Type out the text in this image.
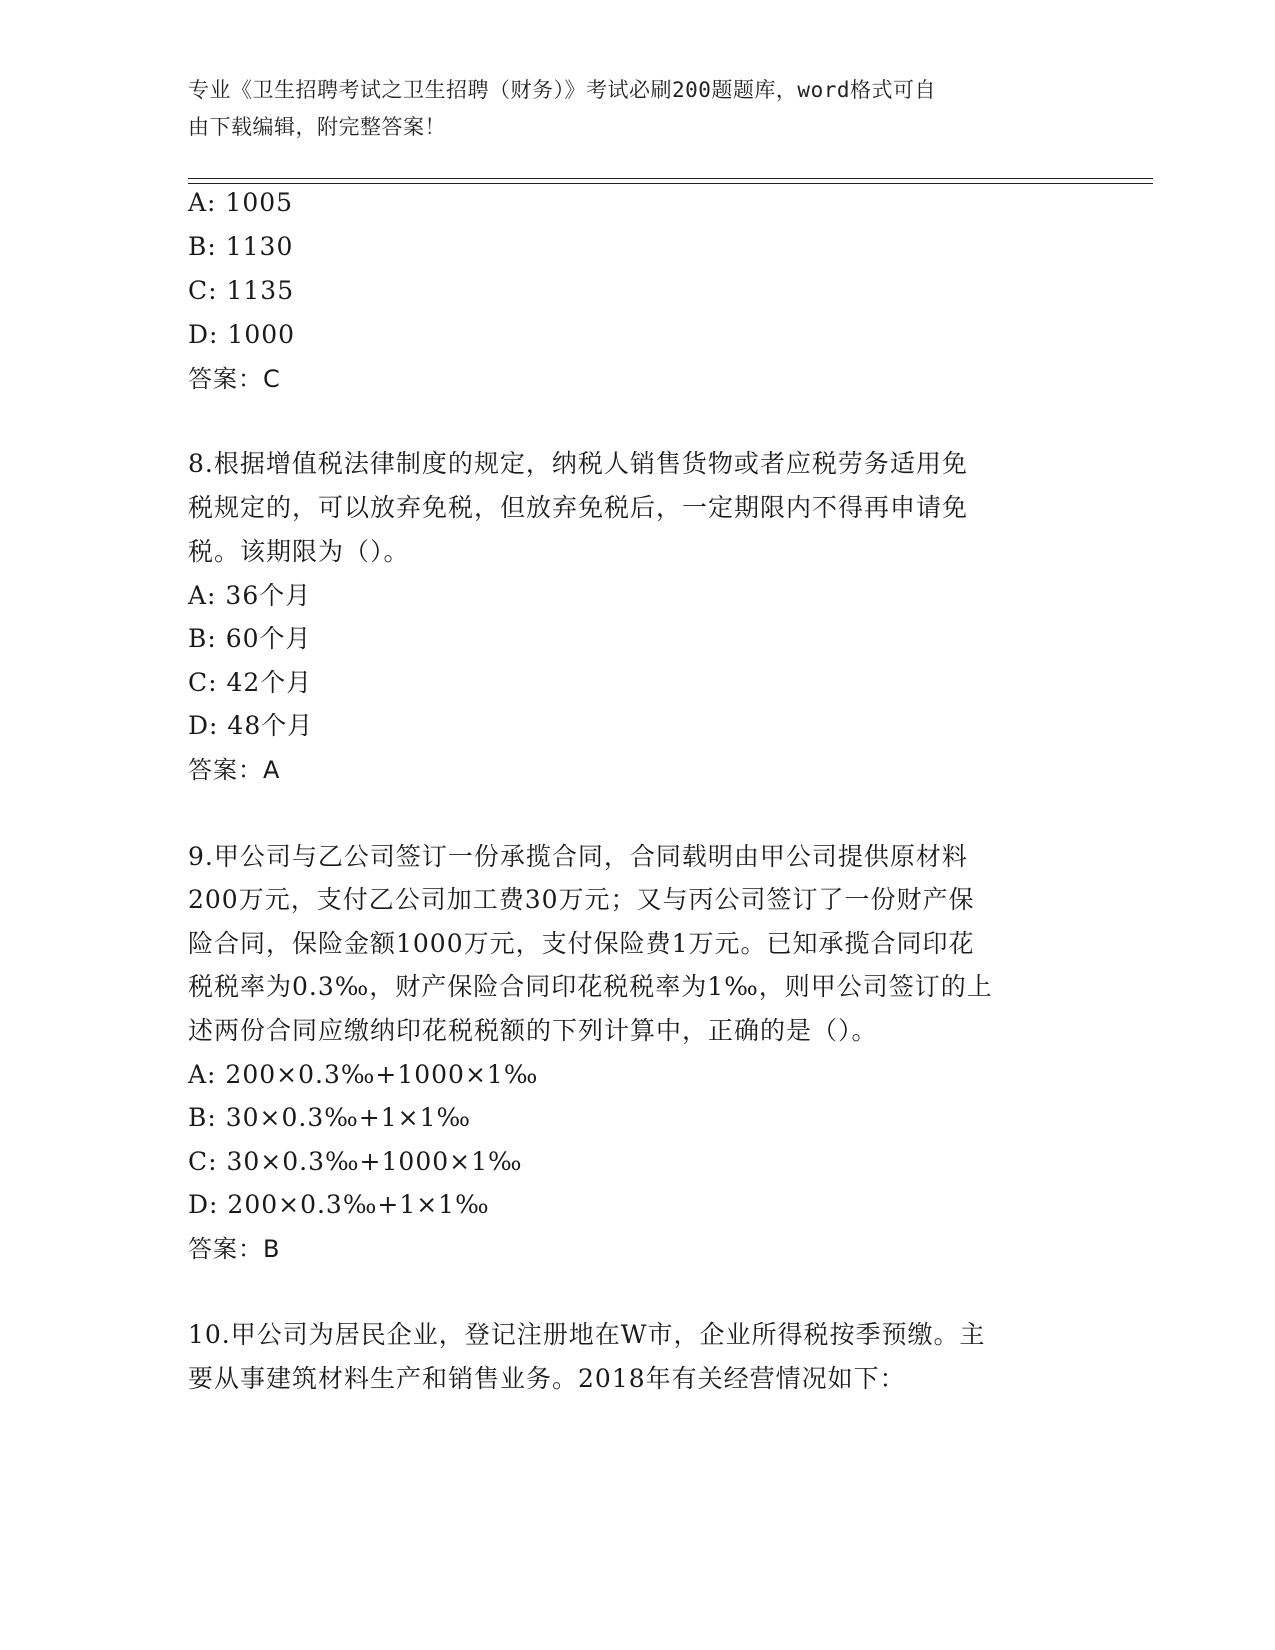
专业《卫生招聘考试之卫生招聘（财务）》考试必刷200题题库，word格式可自
由下载编辑，附完整答案！
A: 1005
B: 1130
C: 1135
D: 1000
答案：C
8.根据增值税法律制度的规定，纳税人销售货物或者应税劳务适用免
税规定的，可以放弃免税，但放弃免税后，一定期限内不得再申请免
税。该期限为（）。
A: 36个月
B: 60个月
C: 42个月
D: 48个月
答案：A
9.甲公司与乙公司签订一份承揽合同，合同载明由甲公司提供原材料
200万元，支付乙公司加工费30万元；又与丙公司签订了一份财产保
险合同，保险金额1000万元，支付保险费1万元。已知承揽合同印花
税税率为0.3‰，财产保险合同印花税税率为1‰，则甲公司签订的上
述两份合同应缴纳印花税税额的下列计算中，正确的是（）。
A: 200×0.3‰+1000×1‰
B: 30×0.3‰+1×1‰
C: 30×0.3‰+1000×1‰
D: 200×0.3‰+1×1‰
答案：B
10.甲公司为居民企业，登记注册地在W市，企业所得税按季预缴。主
要从事建筑材料生产和销售业务。2018年有关经营情况如下：
